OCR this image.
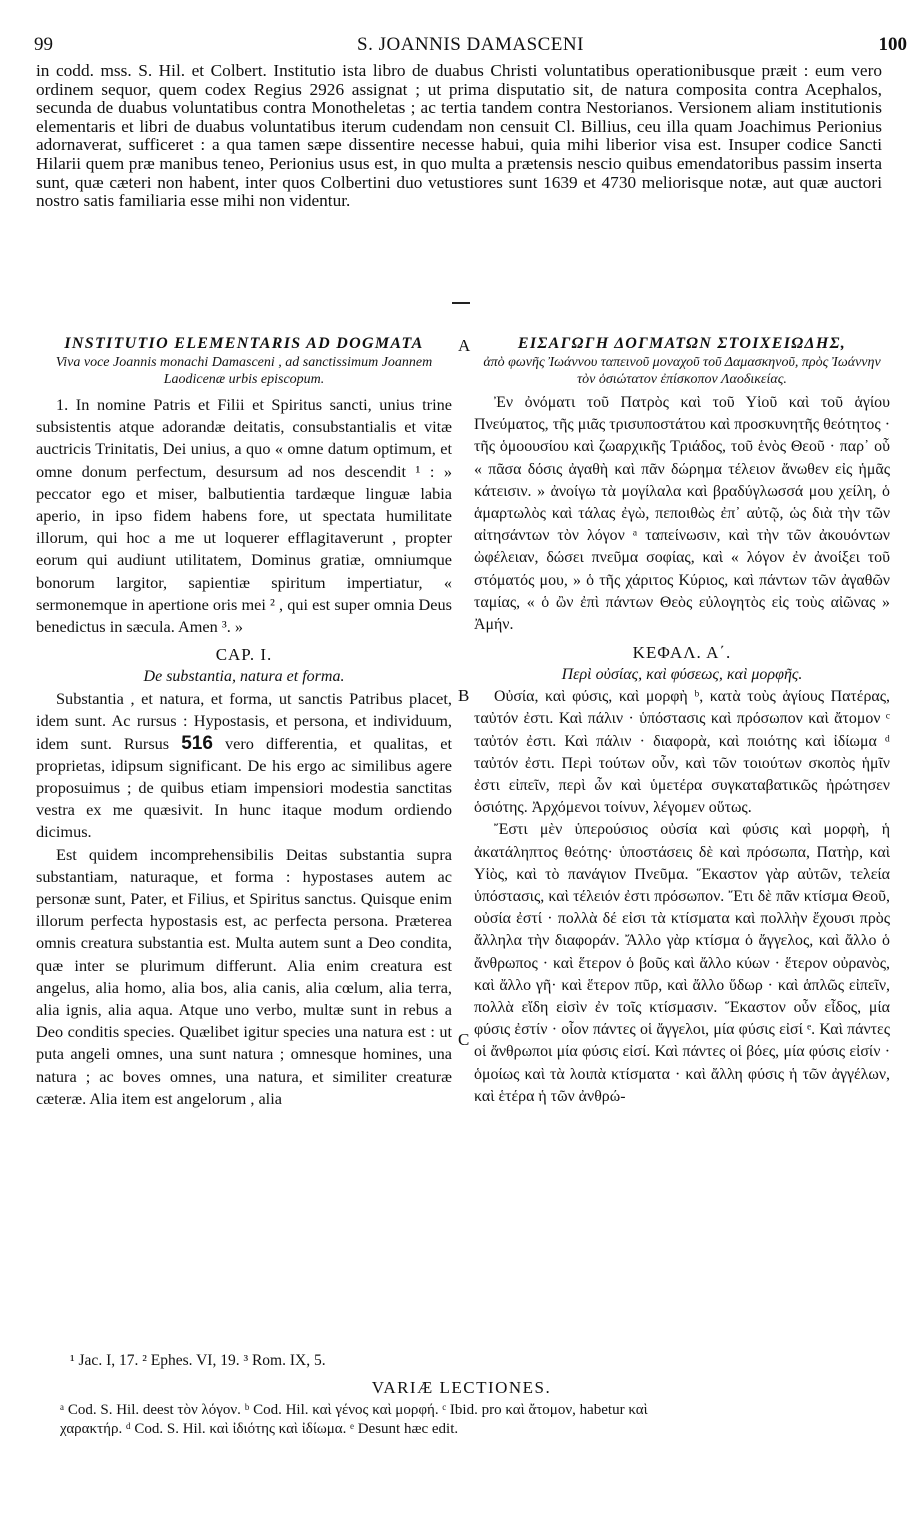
99	S. JOANNIS DAMASCENI	100

in codd. mss. S. Hil. et Colbert. Institutio ista libro de duabus Christi voluntatibus operationibusque præit : eum vero ordinem sequor, quem codex Regius 2926 assignat ; ut prima disputatio sit, de natura composita contra Acephalos, secunda de duabus voluntatibus contra Monotheletas ; ac tertia tandem contra Nestorianos. Versionem aliam institutionis elementaris et libri de duabus voluntatibus iterum cudendam non censuit Cl. Billius, ceu illa quam Joachimus Perionius adornaverat, sufficeret : a qua tamen sæpe dissentire necesse habui, quia mihi liberior visa est. Insuper codice Sancti Hilarii quem præ manibus teneo, Perionius usus est, in quo multa a prætensis nescio quibus emendatoribus passim inserta sunt, quæ cæteri non habent, inter quos Colbertini duo vetustiores sunt 1639 et 4730 meliorisque notæ, aut quæ auctori nostro satis familiaria esse mihi non videntur.

A
B
C
INSTITUTIO ELEMENTARIS AD DOGMATA
Viva voce Joannis monachi Damasceni , ad sanctissimum Joannem Laodicenæ urbis episcopum.

1. In nomine Patris et Filii et Spiritus sancti, unius trine subsistentis atque adorandæ deitatis, consubstantialis et vitæ auctricis Trinitatis, Dei unius, a quo « omne datum optimum, et omne donum perfectum, desursum ad nos descendit ¹ : » peccator ego et miser, balbutientia tardæque linguæ labia aperio, in ipso fidem habens fore, ut spectata humilitate illorum, qui hoc a me ut loquerer efflagitaverunt , propter eorum qui audiunt utilitatem, Dominus gratiæ, omniumque bonorum largitor, sapientiæ spiritum impertiatur, « sermonemque in apertione oris mei ² , qui est super omnia Deus benedictus in sæcula. Amen ³. »

CAP. I.
De substantia, natura et forma.

Substantia , et natura, et forma, ut sanctis Patribus placet, idem sunt. Ac rursus : Hypostasis, et persona, et individuum, idem sunt. Rursus 516 vero differentia, et qualitas, et proprietas, idipsum significant. De his ergo ac similibus agere proposuimus ; de quibus etiam impensiori modestia sanctitas vestra ex me quæsivit. In hunc itaque modum ordiendo dicimus.

Est quidem incomprehensibilis Deitas substantia supra substantiam, naturaque, et forma : hypostases autem ac personæ sunt, Pater, et Filius, et Spiritus sanctus. Quisque enim illorum perfecta hypostasis est, ac perfecta persona. Præterea omnis creatura substantia est. Multa autem sunt a Deo condita, quæ inter se plurimum differunt. Alia enim creatura est angelus, alia homo, alia bos, alia canis, alia cœlum, alia terra, alia ignis, alia aqua. Atque uno verbo, multæ sunt in rebus a Deo conditis species. Quælibet igitur species una natura est : ut puta angeli omnes, una sunt natura ; omnesque homines, una natura ; ac boves omnes, una natura, et similiter creaturæ cæteræ. Alia item est angelorum , alia

ΕΙΣΑΓΩΓΗ ΔΟΓΜΑΤΩΝ ΣΤΟΙΧΕΙΩΔΗΣ,
ἀπὸ φωνῆς Ἰωάννου ταπεινοῦ μοναχοῦ τοῦ Δαμασκηνοῦ, πρὸς Ἰωάννην τὸν ὁσιώτατον ἐπίσκοπον Λαοδικείας.

Ἐν ὀνόματι τοῦ Πατρὸς καὶ τοῦ Υἱοῦ καὶ τοῦ ἁγίου Πνεύματος, τῆς μιᾶς τρισυποστάτου καὶ προσκυνητῆς θεότητος · τῆς ὁμοουσίου καὶ ζωαρχικῆς Τριάδος, τοῦ ἑνὸς Θεοῦ · παρ᾿ οὗ « πᾶσα δόσις ἀγαθὴ καὶ πᾶν δώρημα τέλειον ἄνωθεν εἰς ἡμᾶς κάτεισιν. » ἀνοίγω τὰ μογίλαλα καὶ βραδύγλωσσά μου χείλη, ὁ ἁμαρτωλὸς καὶ τάλας ἐγὼ, πεποιθὼς ἐπ᾿ αὐτῷ, ὡς διὰ τὴν τῶν αἰτησάντων τὸν λόγον ᵃ ταπείνωσιν, καὶ τὴν τῶν ἀκουόντων ὠφέλειαν, δώσει πνεῦμα σοφίας, καὶ « λόγον ἐν ἀνοίξει τοῦ στόματός μου, » ὁ τῆς χάριτος Κύριος, καὶ πάντων τῶν ἀγαθῶν ταμίας, « ὁ ὢν ἐπὶ πάντων Θεὸς εὐλογητὸς εἰς τοὺς αἰῶνας » Ἀμήν.

ΚΕΦΑΛ. Α΄.
Περὶ οὐσίας, καὶ φύσεως, καὶ μορφῆς.

Οὐσία, καὶ φύσις, καὶ μορφὴ ᵇ, κατὰ τοὺς ἁγίους Πατέρας, ταὐτόν ἐστι. Καὶ πάλιν · ὑπόστασις καὶ πρόσωπον καὶ ἄτομον ᶜ ταὐτόν ἐστι. Καὶ πάλιν · διαφορὰ, καὶ ποιότης καὶ ἰδίωμα ᵈ ταὐτόν ἐστι. Περὶ τούτων οὖν, καὶ τῶν τοιούτων σκοπὸς ἡμῖν ἐστι εἰπεῖν, περὶ ὧν καὶ ὑμετέρα συγκαταβατικῶς ἠρώτησεν ὁσιότης. Ἀρχόμενοι τοίνυν, λέγομεν οὕτως.

Ἔστι μὲν ὑπερούσιος οὐσία καὶ φύσις καὶ μορφὴ, ἡ ἀκατάληπτος θεότης· ὑποστάσεις δὲ καὶ πρόσωπα, Πατὴρ, καὶ Υἱὸς, καὶ τὸ πανάγιον Πνεῦμα. Ἕκαστον γὰρ αὐτῶν, τελεία ὑπόστασις, καὶ τέλειόν ἐστι πρόσωπον. Ἔτι δὲ πᾶν κτίσμα Θεοῦ, οὐσία ἐστί · πολλὰ δέ εἰσι τὰ κτίσματα καὶ πολλὴν ἔχουσι πρὸς ἄλληλα τὴν διαφοράν. Ἄλλο γὰρ κτίσμα ὁ ἄγγελος, καὶ ἄλλο ὁ ἄνθρωπος · καὶ ἕτερον ὁ βοῦς καὶ ἄλλο κύων · ἕτερον οὐρανὸς, καὶ ἄλλο γῆ· καὶ ἕτερον πῦρ, καὶ ἄλλο ὕδωρ · καὶ ἁπλῶς εἰπεῖν, πολλὰ εἴδη εἰσὶν ἐν τοῖς κτίσμασιν. Ἕκαστον οὖν εἶδος, μία φύσις ἐστίν · οἷον πάντες οἱ ἄγγελοι, μία φύσις εἰσί ᵉ. Καὶ πάντες οἱ ἄνθρωποι μία φύσις εἰσί. Καὶ πάντες οἱ βόες, μία φύσις εἰσίν · ὁμοίως καὶ τὰ λοιπὰ κτίσματα · καὶ ἄλλη φύσις ἡ τῶν ἀγγέλων, καὶ ἑτέρα ἡ τῶν ἀνθρώ-

¹ Jac. I, 17. ² Ephes. VI, 19. ³ Rom. IX, 5.
VARIÆ LECTIONES.

ᵃ Cod. S. Hil. deest τὸν λόγον. ᵇ Cod. Hil. καὶ γένος καὶ μορφή. ᶜ Ibid. pro καὶ ἄτομον, habetur καὶ

χαρακτήρ. ᵈ Cod. S. Hil. καὶ ἰδιότης καὶ ἰδίωμα. ᵉ Desunt hæc edit.
